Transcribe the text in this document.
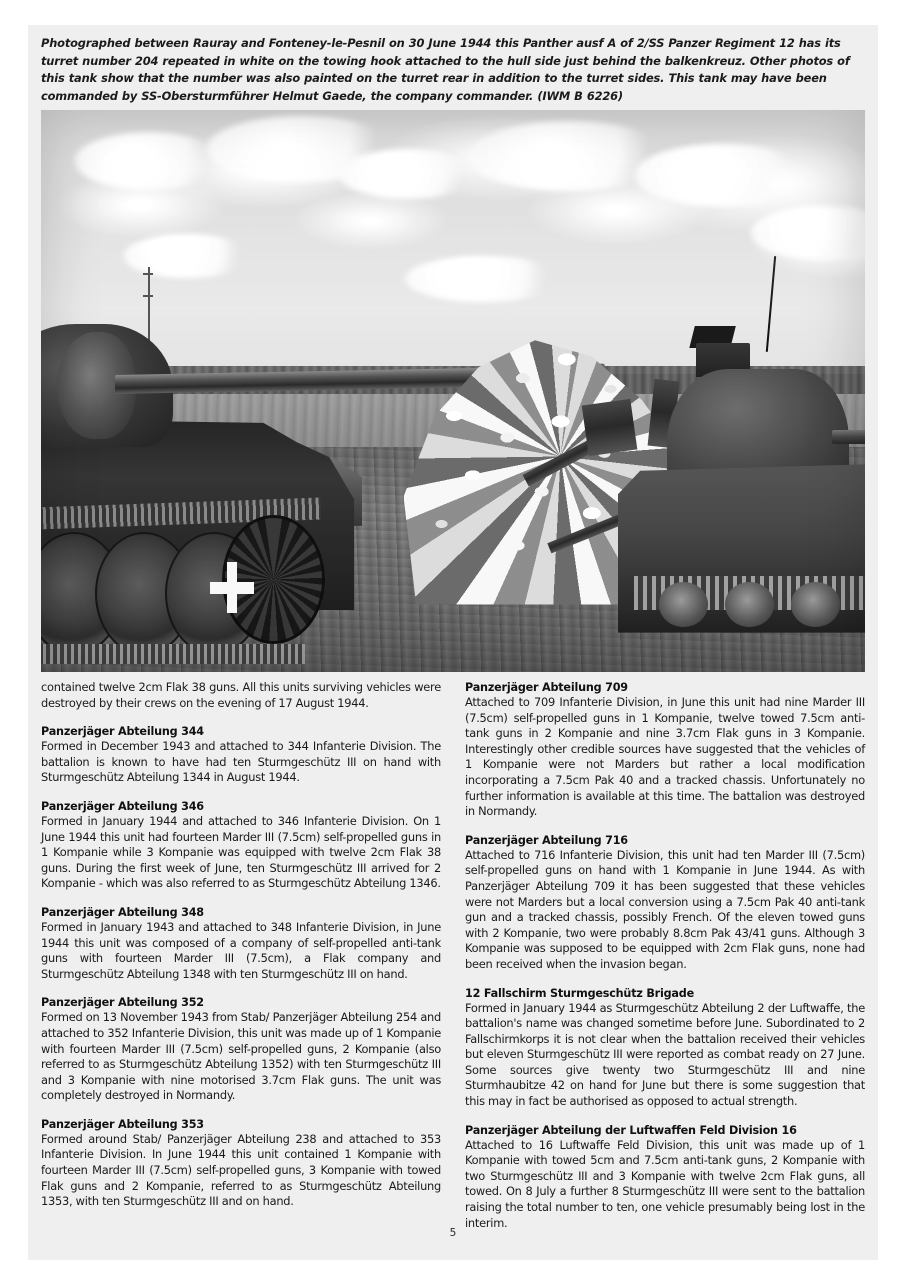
Photographed between Rauray and Fonteney-le-Pesnil on 30 June 1944 this Panther ausf A of 2/SS Panzer Regiment 12 has its turret number 204 repeated in white on the towing hook attached to the hull side just behind the balkenkreuz. Other photos of this tank show that the number was also painted on the turret rear in addition to the turret sides. This tank may have been commanded by SS-Obersturmführer Helmut Gaede, the company commander. (IWM B 6226)

contained twelve 2cm Flak 38 guns. All this units surviving vehicles were destroyed by their crews on the evening of 17 August 1944.

Panzerjäger Abteilung 344

Formed in December 1943 and attached to 344 Infanterie Division. The battalion is known to have had ten Sturmgeschütz III on hand with Sturmgeschütz Abteilung 1344 in August 1944.

Panzerjäger Abteilung 346

Formed in January 1944 and attached to 346 Infanterie Division. On 1 June 1944 this unit had fourteen Marder III (7.5cm) self-propelled guns in 1 Kompanie while 3 Kompanie was equipped with twelve 2cm Flak 38 guns. During the first week of June, ten Sturmgeschütz III arrived for 2 Kompanie - which was also referred to as Sturmgeschütz Abteilung 1346.

Panzerjäger Abteilung 348

Formed in January 1943 and attached to 348 Infanterie Division, in June 1944 this unit was composed of a company of self-propelled anti-tank guns with fourteen Marder III (7.5cm), a Flak company and Sturmgeschütz Abteilung 1348 with ten Sturmgeschütz III on hand.

Panzerjäger Abteilung 352

Formed on 13 November 1943 from Stab/ Panzerjäger Abteilung 254 and attached to 352 Infanterie Division, this unit was made up of 1 Kompanie with fourteen Marder III (7.5cm) self-propelled guns, 2 Kompanie (also referred to as Sturmgeschütz Abteilung 1352) with ten Sturmgeschütz III and 3 Kompanie with nine motorised 3.7cm Flak guns. The unit was completely destroyed in Normandy.

Panzerjäger Abteilung 353

Formed around Stab/ Panzerjäger Abteilung 238 and attached to 353 Infanterie Division. In June 1944 this unit contained 1 Kompanie with fourteen Marder III (7.5cm) self-propelled guns, 3 Kompanie with towed Flak guns and 2 Kompanie, referred to as Sturmgeschütz Abteilung 1353, with ten Sturmgeschütz III and on hand.

Panzerjäger Abteilung 709

Attached to 709 Infanterie Division, in June this unit had nine Marder III (7.5cm) self-propelled guns in 1 Kompanie, twelve towed 7.5cm anti-tank guns in 2 Kompanie and nine 3.7cm Flak guns in 3 Kompanie. Interestingly other credible sources have suggested that the vehicles of 1 Kompanie were not Marders but rather a local modification incorporating a 7.5cm Pak 40 and a tracked chassis. Unfortunately no further information is available at this time. The battalion was destroyed in Normandy.

Panzerjäger Abteilung 716

Attached to 716 Infanterie Division, this unit had ten Marder III (7.5cm) self-propelled guns on hand with 1 Kompanie in June 1944. As with Panzerjäger Abteilung 709 it has been suggested that these vehicles were not Marders but a local conversion using a 7.5cm Pak 40 anti-tank gun and a tracked chassis, possibly French. Of the eleven towed guns with 2 Kompanie, two were probably 8.8cm Pak 43/41 guns. Although 3 Kompanie was supposed to be equipped with 2cm Flak guns, none had been received when the invasion began.

12 Fallschirm Sturmgeschütz Brigade

Formed in January 1944 as Sturmgeschütz Abteilung 2 der Luftwaffe, the battalion's name was changed sometime before June. Subordinated to 2 Fallschirmkorps it is not clear when the battalion received their vehicles but eleven Sturmgeschütz III were reported as combat ready on 27 June. Some sources give twenty two Sturmgeschütz III and nine Sturmhaubitze 42 on hand for June but there is some suggestion that this may in fact be authorised as opposed to actual strength.

Panzerjäger Abteilung der Luftwaffen Feld Division 16

Attached to 16 Luftwaffe Feld Division, this unit was made up of 1 Kompanie with towed 5cm and 7.5cm anti-tank guns, 2 Kompanie with two Sturmgeschütz III and 3 Kompanie with twelve 2cm Flak guns, all towed. On 8 July a further 8 Sturmgeschütz III were sent to the battalion raising the total number to ten, one vehicle presumably being lost in the interim.

5
